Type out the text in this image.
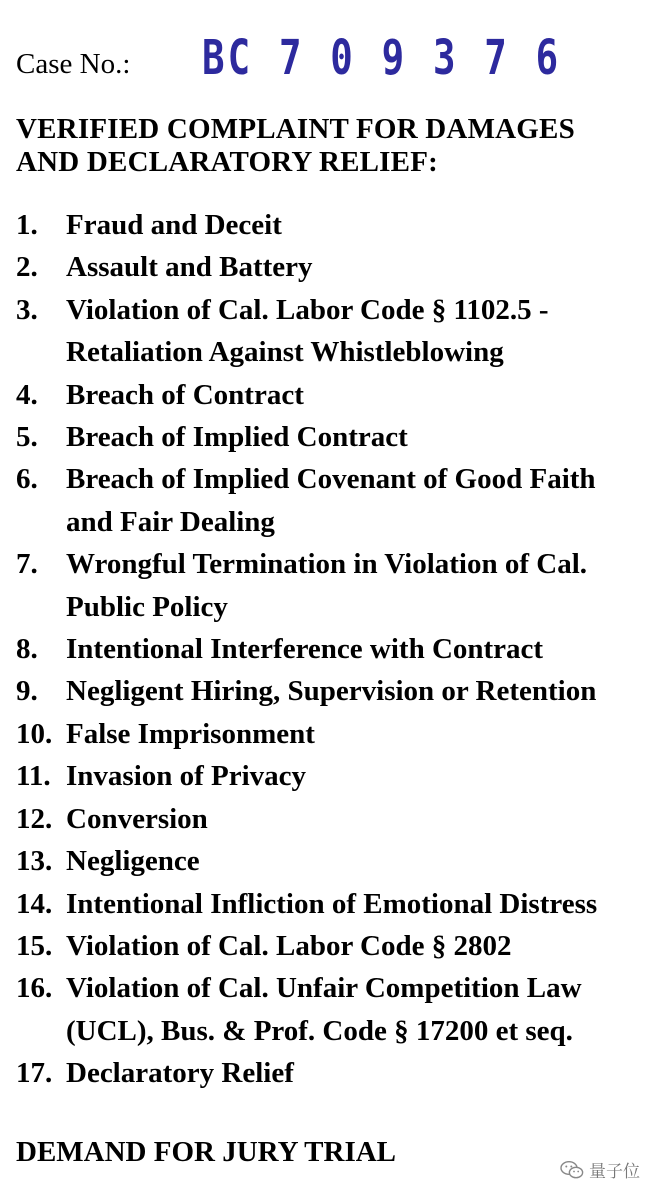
Case No.: BC 7 0 9 3 7 6
VERIFIED COMPLAINT FOR DAMAGES
AND DECLARATORY RELIEF:
1. Fraud and Deceit
2. Assault and Battery
3. Violation of Cal. Labor Code § 1102.5 -
Retaliation Against Whistleblowing
4. Breach of Contract
5. Breach of Implied Contract
6. Breach of Implied Covenant of Good Faith
and Fair Dealing
7. Wrongful Termination in Violation of Cal.
Public Policy
8. Intentional Interference with Contract
9. Negligent Hiring, Supervision or Retention
10. False Imprisonment
11. Invasion of Privacy
12. Conversion
13. Negligence
14. Intentional Infliction of Emotional Distress
15. Violation of Cal. Labor Code § 2802
16. Violation of Cal. Unfair Competition Law
(UCL), Bus. & Prof. Code § 17200 et seq.
17. Declaratory Relief
DEMAND FOR JURY TRIAL
量子位
